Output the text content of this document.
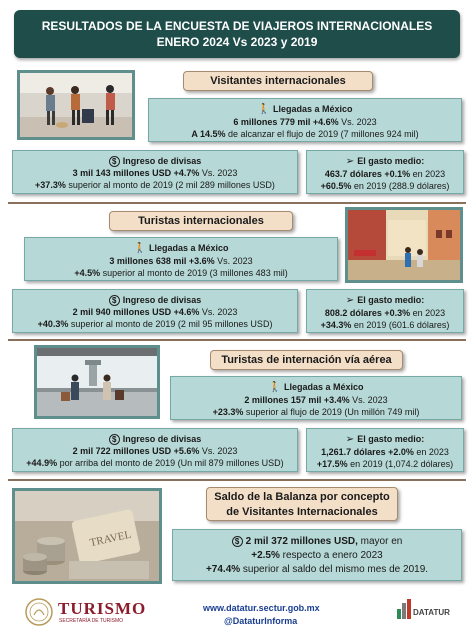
RESULTADOS DE LA ENCUESTA DE VIAJEROS INTERNACIONALES
ENERO 2024 Vs 2023 y 2019
Visitantes internacionales
🚶 Llegadas a México
6 millones 779 mil +4.6% Vs. 2023
A 14.5% de alcanzar el flujo de 2019 (7 millones 924 mil)
$ Ingreso de divisas
3 mil 143 millones USD +4.7% Vs. 2023
+37.3% superior al monto de 2019 (2 mil 289 millones USD)
➢ El gasto medio:
463.7 dólares +0.1% en 2023
+60.5% en 2019 (288.9 dólares)
Turistas internacionales
🚶 Llegadas a México
3 millones 638 mil +3.6% Vs. 2023
+4.5% superior al monto de 2019 (3 millones 483 mil)
$ Ingreso de divisas
2 mil 940 millones USD +4.6% Vs. 2023
+40.3% superior al monto de 2019 (2 mil 95 millones USD)
➢ El gasto medio:
808.2 dólares +0.3% en 2023
+34.3% en 2019 (601.6 dólares)
Turistas de internación vía aérea
🚶 Llegadas a México
2 millones 157 mil +3.4% Vs. 2023
+23.3% superior al flujo de 2019 (Un millón 749 mil)
$ Ingreso de divisas
2 mil 722 millones USD +5.6% Vs. 2023
+44.9% por arriba del monto de 2019 (Un mil 879 millones USD)
➢ El gasto medio:
1,261.7 dólares +2.0% en 2023
+17.5% en 2019 (1,074.2 dólares)
TRAVEL
Saldo de la Balanza por concepto
de Visitantes Internacionales
$ 2 mil 372 millones USD, mayor en
+2.5% respecto a enero 2023
+74.4% superior al saldo del mismo mes de 2019.
TURISMO
SECRETARÍA DE TURISMO
www.datatur.sectur.gob.mx
@DataturInforma
DATATUR
